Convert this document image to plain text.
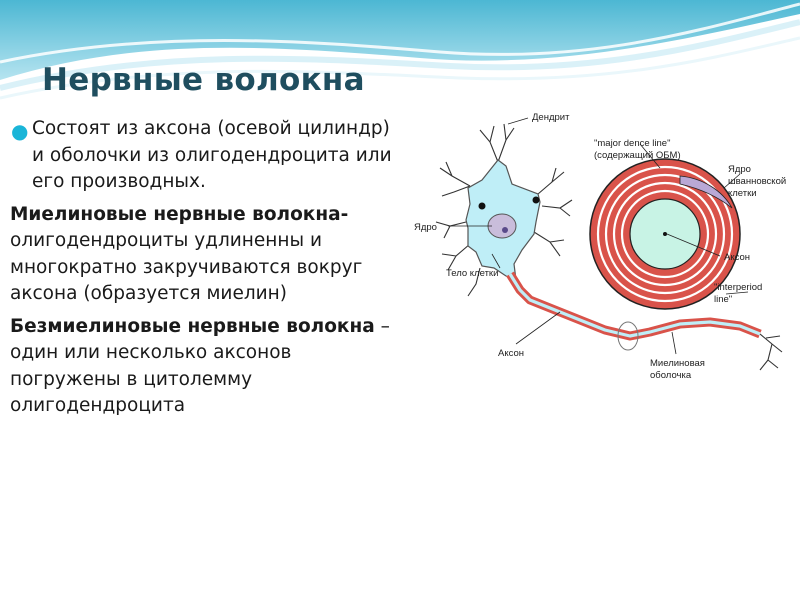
Нервные волокна

● Состоят из аксона (осевой цилиндр) и оболочки из олигодендроцита или его производных.

Миелиновые нервные волокна- олигодендроциты удлиненны и многократно закручиваются вокруг аксона (образуется миелин)

Безмиелиновые нервные волокна – один или несколько аксонов погружены в цитолемму олигодендроцита

Дендрит
"major dence line"
(содержащий ОБМ)
Ядро
Ядро
шванновской
клетки
Аксон
Тело клетки
"interperiod
line"
Аксон
Миелиновая
оболочка
